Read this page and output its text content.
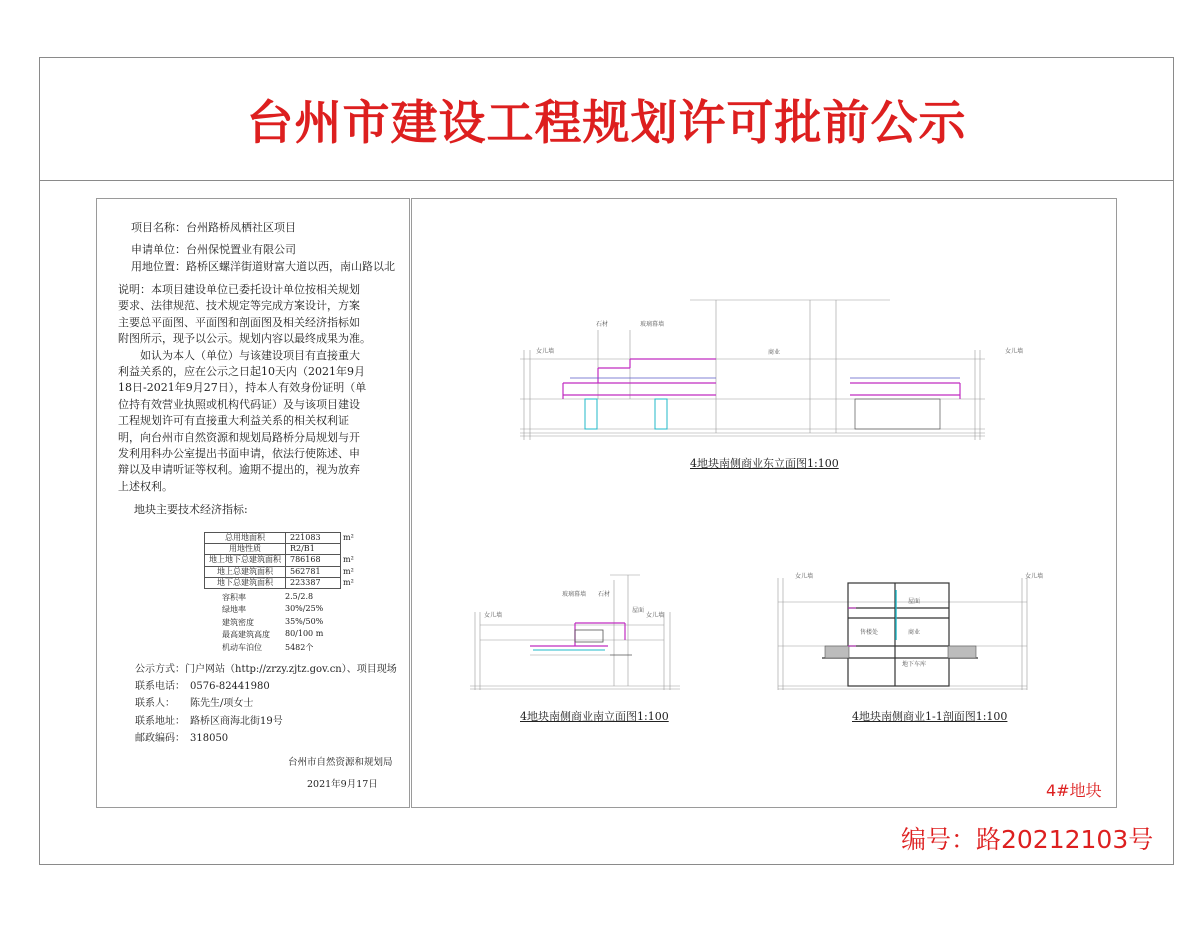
台州市建设工程规划许可批前公示
项目名称：台州路桥凤栖社区项目
申请单位：台州保悦置业有限公司
用地位置：路桥区螺洋街道财富大道以西，南山路以北
说明：本项目建设单位已委托设计单位按相关规划
要求、法律规范、技术规定等完成方案设计，方案
主要总平面图、平面图和剖面图及相关经济指标如
附图所示，现予以公示。规划内容以最终成果为准。
　　如认为本人（单位）与该建设项目有直接重大
利益关系的，应在公示之日起10天内（2021年9月
18日-2021年9月27日），持本人有效身份证明（单
位持有效营业执照或机构代码证）及与该项目建设
工程规划许可有直接重大利益关系的相关权利证
明，向台州市自然资源和规划局路桥分局规划与开
发利用科办公室提出书面申请，依法行使陈述、申
辩以及申请听证等权利。逾期不提出的，视为放弃
上述权利。
地块主要技术经济指标:
总用地面积	221083	m²
用地性质	R2/B1	
地上地下总建筑面积	786168	m²
地上总建筑面积	562781	m²
地下总建筑面积	223387	m²
容积率	2.5/2.8
绿地率	30%/25%
建筑密度	35%/50%
最高建筑高度 80/100 m
机动车泊位	5482个
公示方式：门户网站（http://zrzy.zjtz.gov.cn）、项目现场
联系电话：　0576-82441980
联系人：　　陈先生/项女士
联系地址：　路桥区商海北街19号
邮政编码：　318050
台州市自然资源和规划局
2021年9月17日
女儿墙	女儿墙
石材	玻璃幕墙
商业
4地块南侧商业东立面图1:100
女儿墙	女儿墙
玻璃幕墙 石材
屋面
4地块南侧商业南立面图1:100
女儿墙	女儿墙
屋面
售楼处	商业
地下车库
4地块南侧商业1-1剖面图1:100
4#地块
编号：路20212103号
